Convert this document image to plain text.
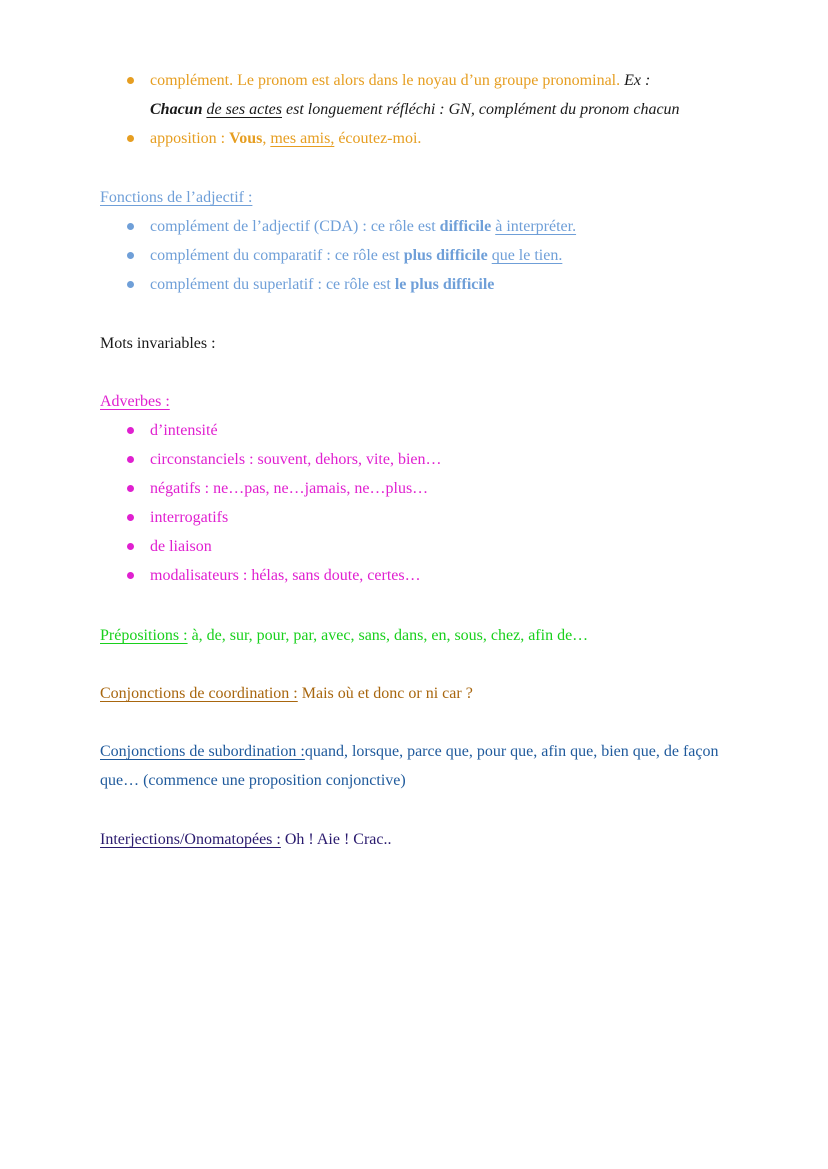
complément. Le pronom est alors dans le noyau d’un groupe pronominal. Ex :
Chacun de ses actes est longuement réfléchi : GN, complément du pronom chacun
apposition : Vous, mes amis, écoutez-moi.
Fonctions de l’adjectif :
complément de l’adjectif (CDA) : ce rôle est difficile à interpréter.
complément du comparatif : ce rôle est plus difficile que le tien.
complément du superlatif : ce rôle est le plus difficile
Mots invariables :
Adverbes :
d’intensité
circonstanciels : souvent, dehors, vite, bien…
négatifs : ne…pas, ne…jamais, ne…plus…
interrogatifs
de liaison
modalisateurs : hélas, sans doute, certes…
Prépositions : à, de, sur, pour, par, avec, sans, dans, en, sous, chez, afin de…
Conjonctions de coordination : Mais où et donc or ni car ?
Conjonctions de subordination :quand, lorsque, parce que, pour que, afin que, bien que, de façon que… (commence une proposition conjonctive)
Interjections/Onomatopées : Oh ! Aie ! Crac..
